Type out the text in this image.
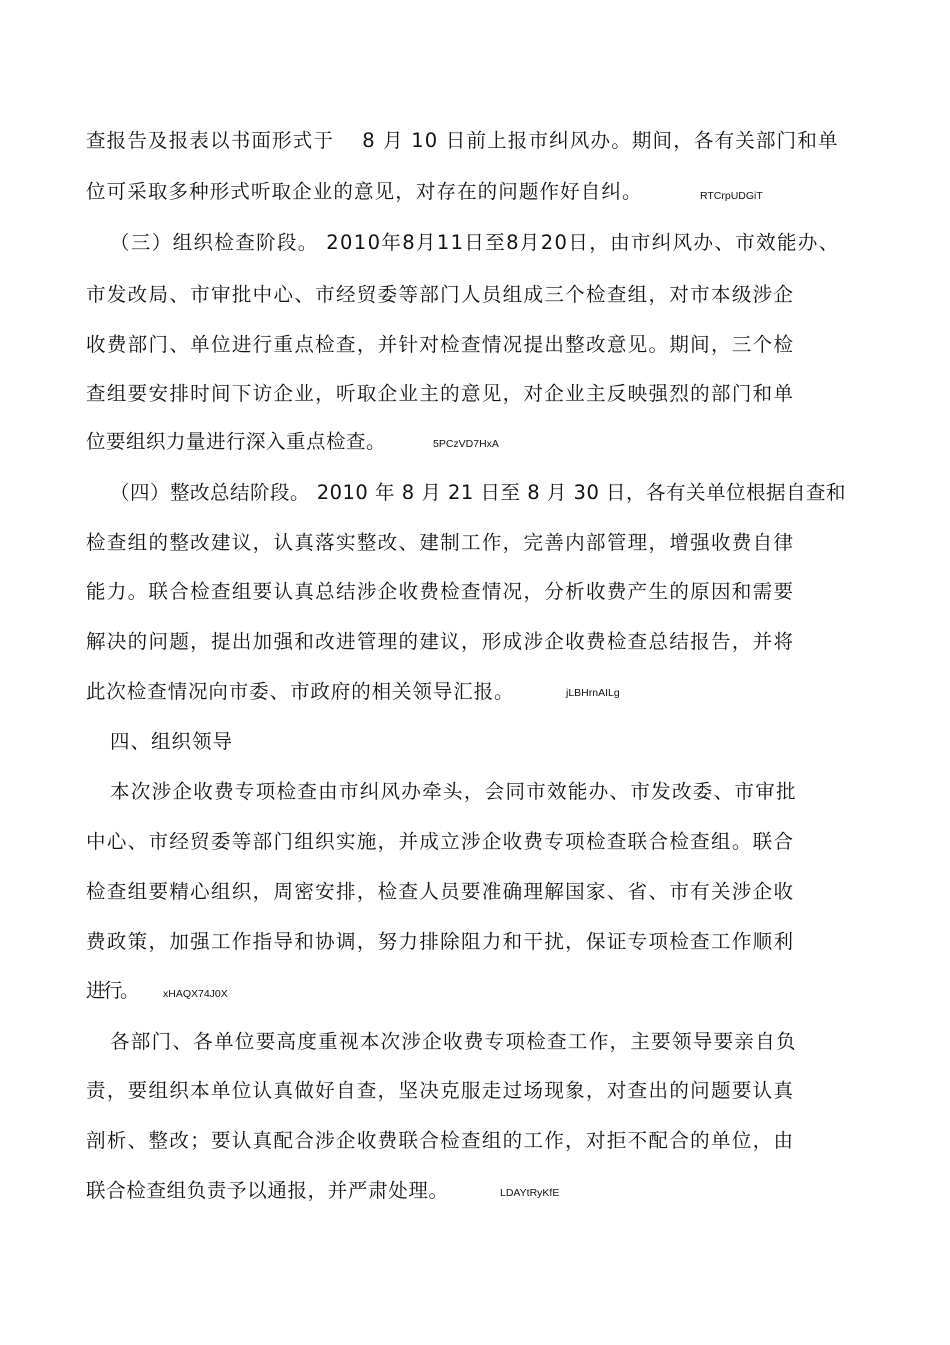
查报告及报表以书面形式于　 8 月 10 日前上报市纠风办。期间，各有关部门和单
位可采取多种形式听取企业的意见，对存在的问题作好自纠。	RTCrpUDGiT
（三）组织检查阶段。 2010年8月11日至8月20日，由市纠风办、市效能办、
市发改局、市审批中心、市经贸委等部门人员组成三个检查组，对市本级涉企
收费部门、单位进行重点检查，并针对检查情况提出整改意见。期间，三个检
查组要安排时间下访企业，听取企业主的意见，对企业主反映强烈的部门和单
位要组织力量进行深入重点检查。	5PCzVD7HxA
（四）整改总结阶段。 2010 年 8 月 21 日至 8 月 30 日，各有关单位根据自查和
检查组的整改建议，认真落实整改、建制工作，完善内部管理，增强收费自律
能力。联合检查组要认真总结涉企收费检查情况，分析收费产生的原因和需要
解决的问题，提出加强和改进管理的建议，形成涉企收费检查总结报告，并将
此次检查情况向市委、市政府的相关领导汇报。	jLBHrnAILg
四、组织领导
本次涉企收费专项检查由市纠风办牵头，会同市效能办、市发改委、市审批
中心、市经贸委等部门组织实施，并成立涉企收费专项检查联合检查组。联合
检查组要精心组织，周密安排，检查人员要准确理解国家、省、市有关涉企收
费政策，加强工作指导和协调，努力排除阻力和干扰，保证专项检查工作顺利
进行。 xHAQX74J0X
各部门、各单位要高度重视本次涉企收费专项检查工作，主要领导要亲自负
责，要组织本单位认真做好自查，坚决克服走过场现象，对查出的问题要认真
剖析、整改；要认真配合涉企收费联合检查组的工作，对拒不配合的单位，由
联合检查组负责予以通报，并严肃处理。	LDAYtRyKfE
